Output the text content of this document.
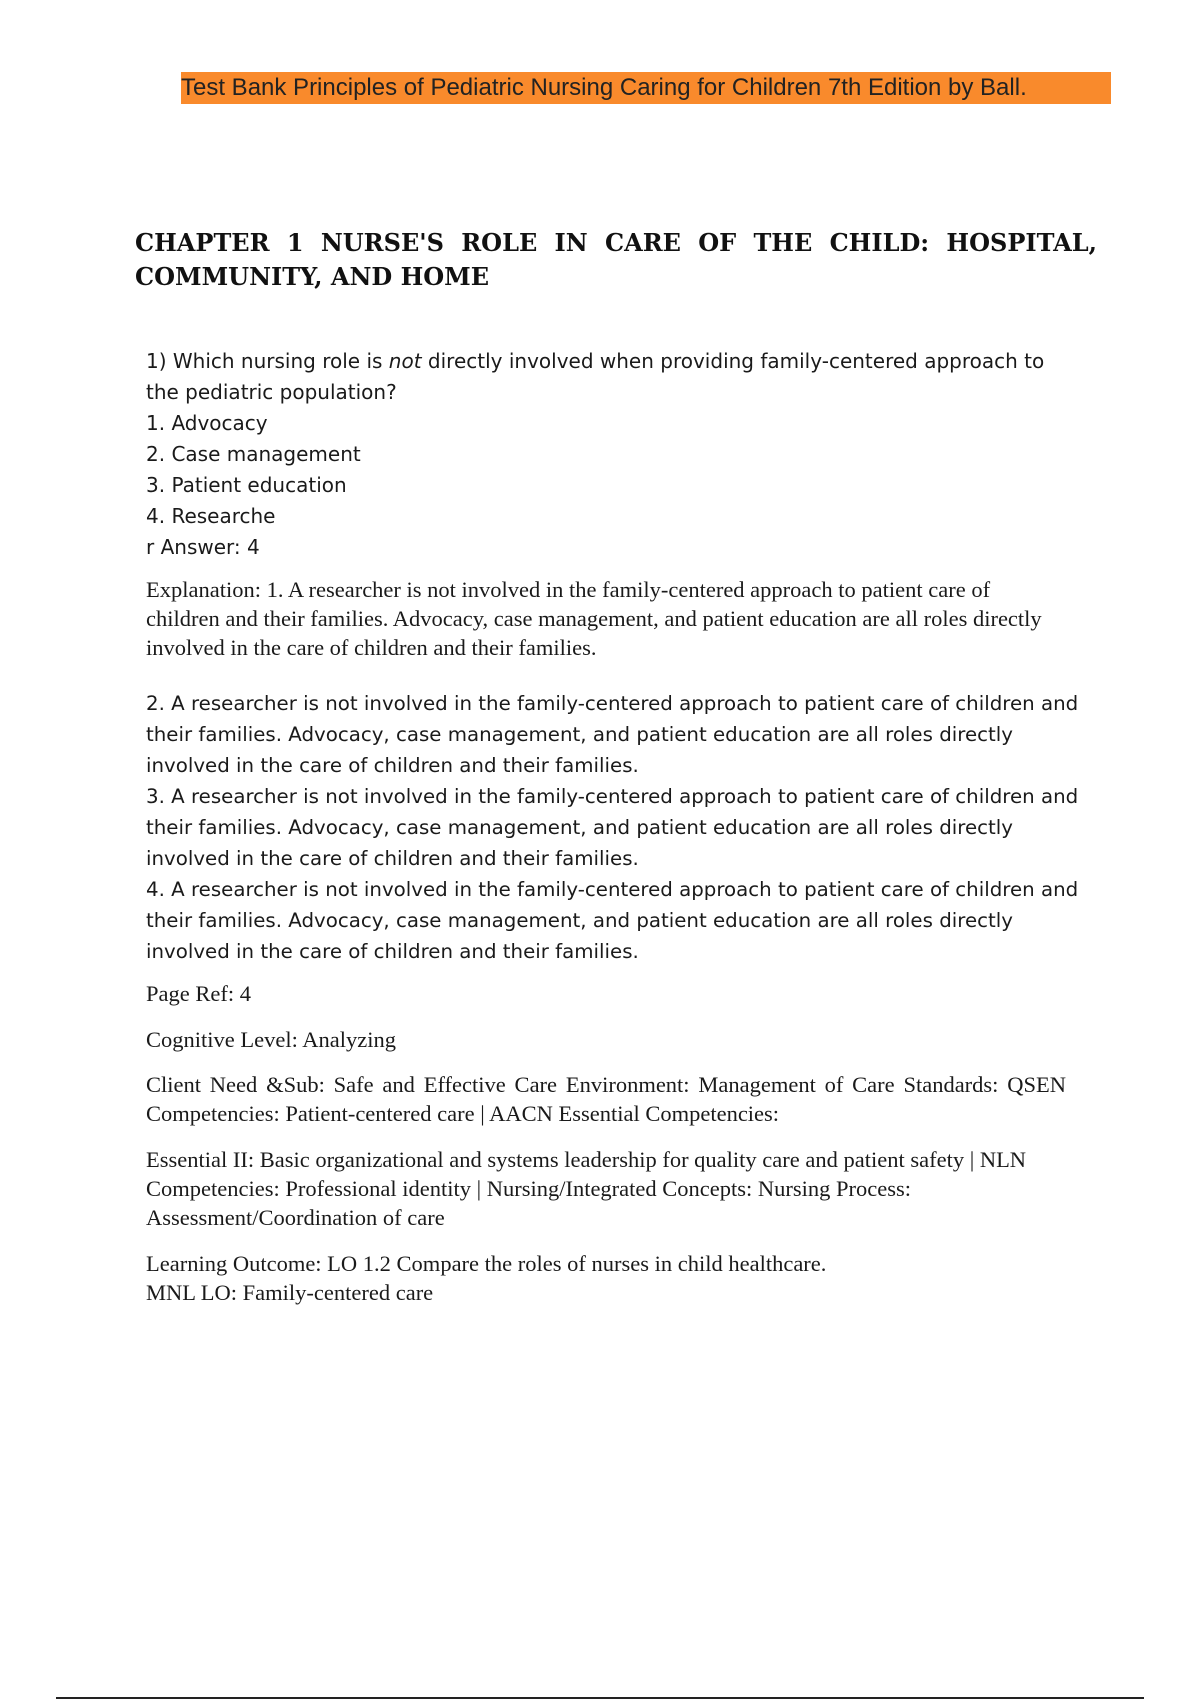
Test Bank Principles of Pediatric Nursing Caring for Children 7th Edition by Ball.
CHAPTER 1 NURSE'S ROLE IN CARE OF THE CHILD: HOSPITAL, COMMUNITY, AND HOME
1) Which nursing role is not directly involved when providing family-centered approach to
the pediatric population?
1. Advocacy
2. Case management
3. Patient education
4. Researche
r Answer: 4

Explanation: 1. A researcher is not involved in the family-centered approach to patient care of children and their families. Advocacy, case management, and patient education are all roles directly involved in the care of children and their families.

2. A researcher is not involved in the family-centered approach to patient care of children and their families. Advocacy, case management, and patient education are all roles directly involved in the care of children and their families.

3. A researcher is not involved in the family-centered approach to patient care of children and their families. Advocacy, case management, and patient education are all roles directly involved in the care of children and their families.

4. A researcher is not involved in the family-centered approach to patient care of children and their families. Advocacy, case management, and patient education are all roles directly involved in the care of children and their families.

Page Ref: 4

Cognitive Level: Analyzing

Client Need &Sub: Safe and Effective Care Environment: Management of Care Standards: QSEN Competencies: Patient-centered care | AACN Essential Competencies:

Essential II: Basic organizational and systems leadership for quality care and patient safety | NLN Competencies: Professional identity | Nursing/Integrated Concepts: Nursing Process: Assessment/Coordination of care

Learning Outcome: LO 1.2 Compare the roles of nurses in child healthcare.

MNL LO: Family-centered care
